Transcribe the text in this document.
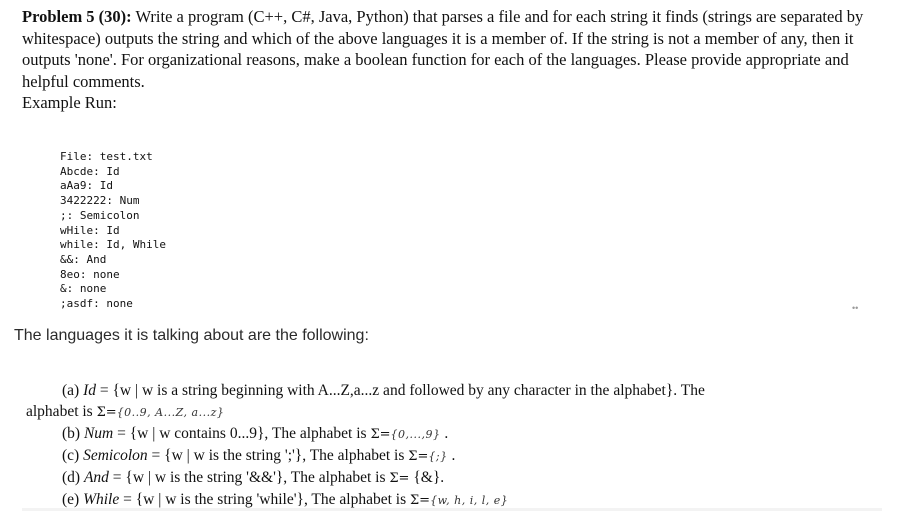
Problem 5 (30): Write a program (C++, C#, Java, Python) that parses a file and for each string it finds (strings are separated by whitespace) outputs the string and which of the above languages it is a member of. If the string is not a member of any, then it outputs 'none'. For organizational reasons, make a boolean function for each of the languages. Please provide appropriate and helpful comments.
Example Run:
File: test.txt
Abcde: Id
aAa9: Id
3422222: Num
;: Semicolon
wHile: Id
while: Id, While
&&: And
8eo: none
&: none
;asdf: none	••
The languages it is talking about are the following:
(a) Id = {w | w is a string beginning with A...Z,a...z and followed by any character in the alphabet}. The
alphabet is Σ={0..9, A...Z, a...z}
(b) Num = {w | w contains 0...9}, The alphabet is Σ={0,...,9} .
(c) Semicolon = {w | w is the string ';'}, The alphabet is Σ={;} .
(d) And = {w | w is the string '&&'}, The alphabet is Σ= {&}.
(e) While = {w | w is the string 'while'}, The alphabet is Σ={w, h, i, l, e}
